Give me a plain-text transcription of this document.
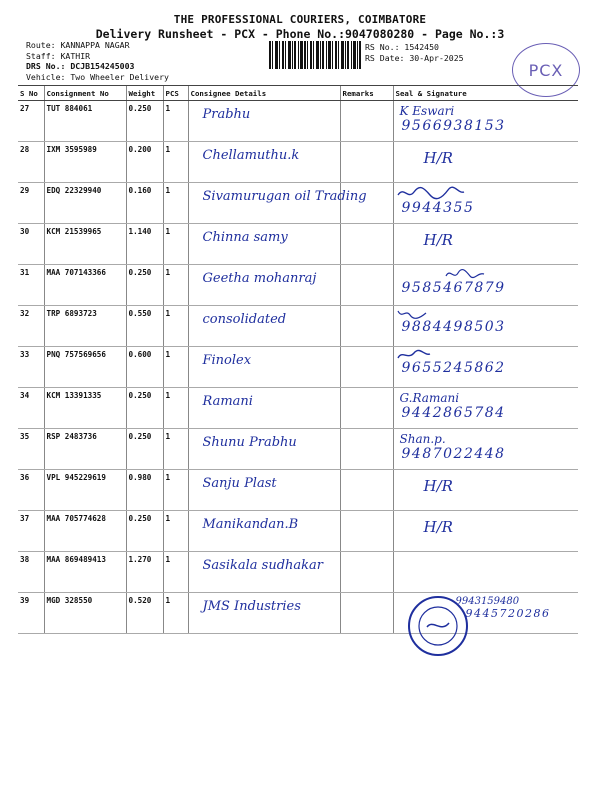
THE PROFESSIONAL COURIERS, COIMBATORE
Delivery Runsheet - PCX - Phone No.:9047080280 - Page No.:3
Route: KANNAPPA NAGAR
Staff: KATHIR
DRS No.: DCJB154245003
Vehicle: Two Wheeler Delivery
RS No.: 1542450
RS Date: 30-Apr-2025
PCX
S No	Consignment No	Weight	PCS	Consignee Details	Remarks	Seal & Signature
27	TUT 884061	0.250	1	Prabhu		K Eswari
9566938153

28	IXM 3595989	0.200	1	Chellamuthu.k		H/R

29	EDQ 22329940	0.160	1	Sivamurugan oil Trading		9944355

30	KCM 21539965	1.140	1	Chinna samy		H/R

31	MAA 707143366	0.250	1	Geetha mohanraj		9585467879

32	TRP 6893723	0.550	1	consolidated		9884498503

33	PNQ 757569656	0.600	1	Finolex		9655245862

34	KCM 13391335	0.250	1	Ramani		G.Ramani
9442865784

35	RSP 2483736	0.250	1	Shunu Prabhu		Shan.p.
9487022448

36	VPL 945229619	0.980	1	Sanju Plast		H/R

37	MAA 705774628	0.250	1	Manikandan.B		H/R

38	MAA 869489413	1.270	1	Sasikala sudhakar		

39	MGD 328550	0.520	1	JMS Industries		9943159480
9445720286
